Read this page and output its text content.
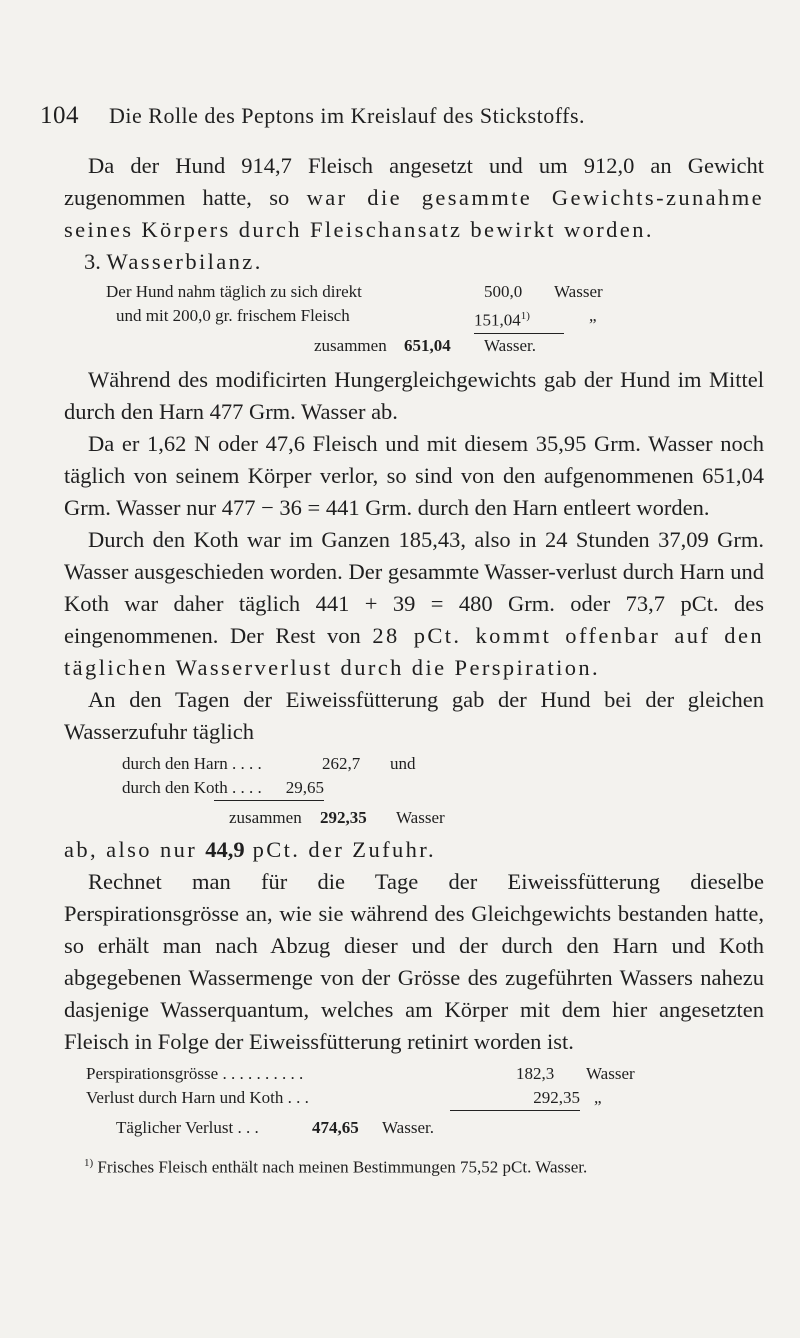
104 Die Rolle des Peptons im Kreislauf des Stickstoffs.

Da der Hund 914,7 Fleisch angesetzt und um 912,0 an Gewicht zugenommen hatte, so war die gesammte Gewichts-zunahme seines Körpers durch Fleischansatz bewirkt worden.

3. Wasserbilanz.
Der Hund nahm täglich zu sich direkt	500,0 Wasser
und mit 200,0 gr. frischem Fleisch	151,04$^{1)}$	„
zusammen 651,04 Wasser.

Während des modificirten Hungergleichgewichts gab der Hund im Mittel durch den Harn 477 Grm. Wasser ab.

Da er 1,62 N oder 47,6 Fleisch und mit diesem 35,95 Grm. Wasser noch täglich von seinem Körper verlor, so sind von den aufgenommenen 651,04 Grm. Wasser nur 477 − 36 = 441 Grm. durch den Harn entleert worden.

Durch den Koth war im Ganzen 185,43, also in 24 Stunden 37,09 Grm. Wasser ausgeschieden worden. Der gesammte Wasser-verlust durch Harn und Koth war daher täglich 441 + 39 = 480 Grm. oder 73,7 pCt. des eingenommenen. Der Rest von 28 pCt. kommt offenbar auf den täglichen Wasserverlust durch die Perspiration.

An den Tagen der Eiweissfütterung gab der Hund bei der gleichen Wasserzufuhr täglich

durch den Harn . . . .	262,7 und
durch den Koth . . . .	29,65
zusammen 292,35 Wasser

ab, also nur 44,9 pCt. der Zufuhr.

Rechnet man für die Tage der Eiweissfütterung dieselbe Perspirationsgrösse an, wie sie während des Gleichgewichts bestanden hatte, so erhält man nach Abzug dieser und der durch den Harn und Koth abgegebenen Wassermenge von der Grösse des zugeführten Wassers nahezu dasjenige Wasserquantum, welches am Körper mit dem hier angesetzten Fleisch in Folge der Eiweissfütterung retinirt worden ist.

Perspirationsgrösse . . . . . . . . . .	182,3 Wasser
Verlust durch Harn und Koth . . .	292,35 „
Täglicher Verlust . . .	474,65 Wasser.
$^{1)}$ Frisches Fleisch enthält nach meinen Bestimmungen 75,52 pCt. Wasser.
